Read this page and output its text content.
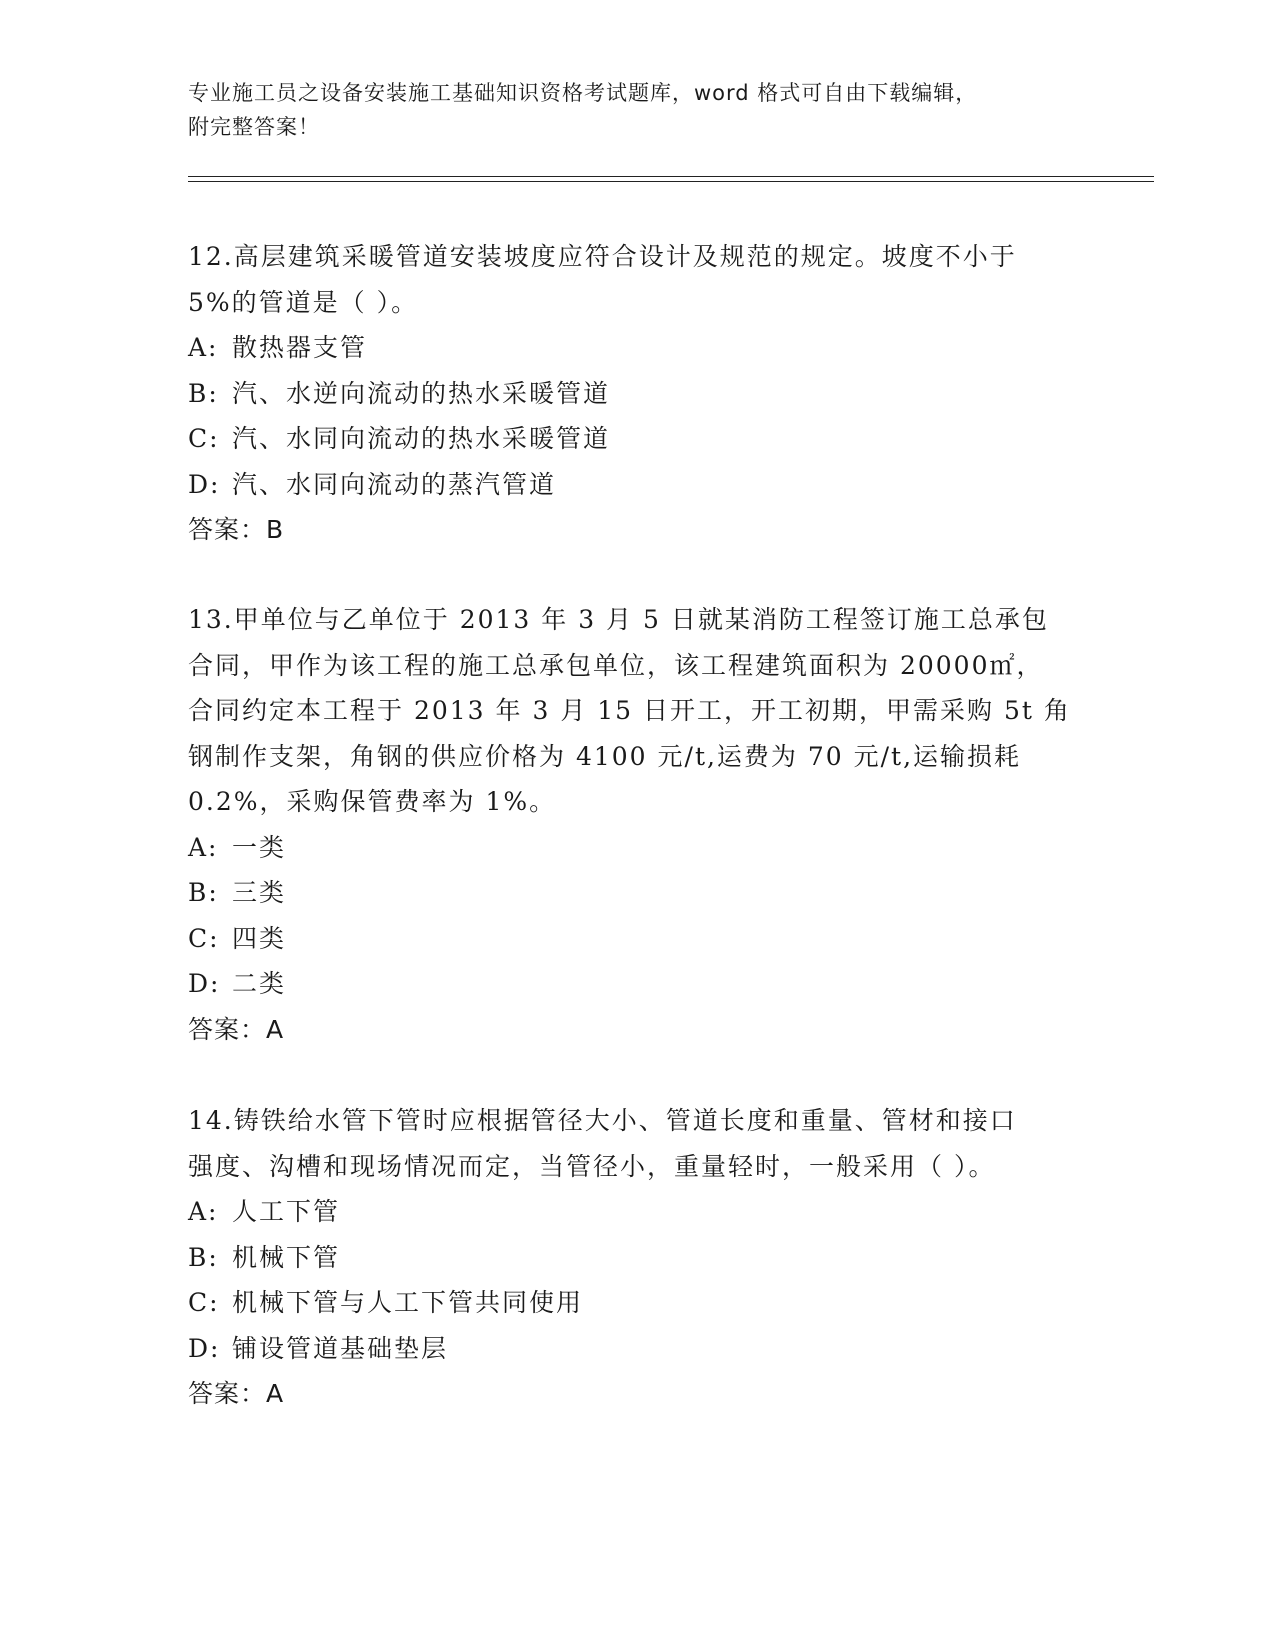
专业施工员之设备安装施工基础知识资格考试题库，word 格式可自由下载编辑，
附完整答案！

12.高层建筑采暖管道安装坡度应符合设计及规范的规定。坡度不小于
5%的管道是（ ）。

A: 散热器支管
B: 汽、水逆向流动的热水采暖管道
C: 汽、水同向流动的热水采暖管道
D: 汽、水同向流动的蒸汽管道
答案：B

13.甲单位与乙单位于 2013 年 3 月 5 日就某消防工程签订施工总承包
合同，甲作为该工程的施工总承包单位，该工程建筑面积为 20000㎡，
合同约定本工程于 2013 年 3 月 15 日开工，开工初期，甲需采购 5t 角
钢制作支架，角钢的供应价格为 4100 元/t,运费为 70 元/t,运输损耗
0.2%，采购保管费率为 1%。

A: 一类
B: 三类
C: 四类
D: 二类
答案：A

14.铸铁给水管下管时应根据管径大小、管道长度和重量、管材和接口
强度、沟槽和现场情况而定，当管径小，重量轻时，一般采用（ ）。

A: 人工下管
B: 机械下管
C: 机械下管与人工下管共同使用
D: 铺设管道基础垫层
答案：A
